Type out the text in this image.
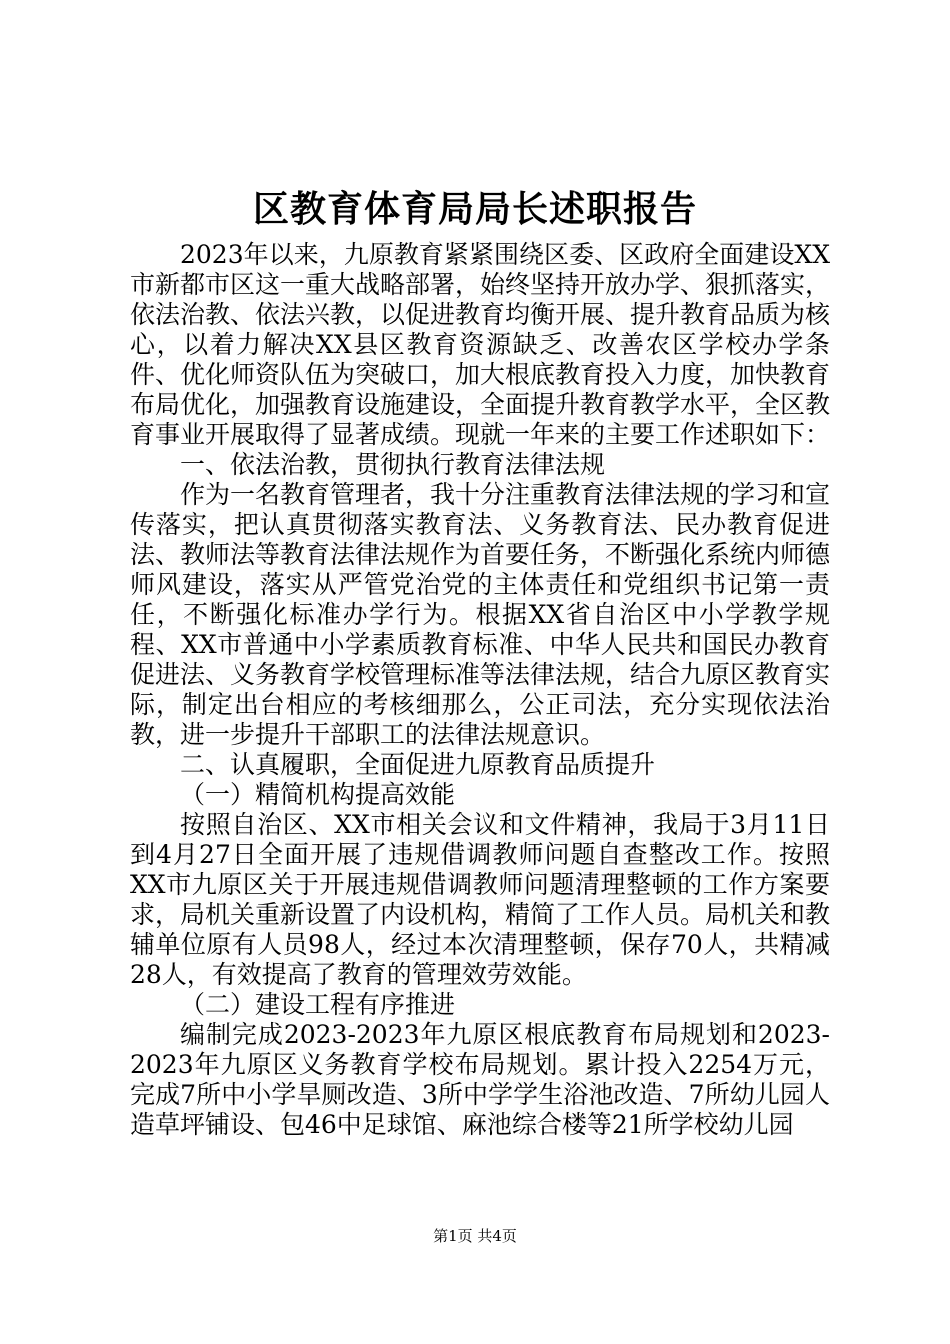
区教育体育局局长述职报告

2023年以来，九原教育紧紧围绕区委、区政府全面建设XX市新都市区这一重大战略部署，始终坚持开放办学、狠抓落实，依法治教、依法兴教，以促进教育均衡开展、提升教育品质为核心，以着力解决XX县区教育资源缺乏、改善农区学校办学条件、优化师资队伍为突破口，加大根底教育投入力度，加快教育布局优化，加强教育设施建设，全面提升教育教学水平，全区教育事业开展取得了显著成绩。现就一年来的主要工作述职如下：

一、依法治教，贯彻执行教育法律法规

作为一名教育管理者，我十分注重教育法律法规的学习和宣传落实，把认真贯彻落实教育法、义务教育法、民办教育促进法、教师法等教育法律法规作为首要任务，不断强化系统内师德师风建设，落实从严管党治党的主体责任和党组织书记第一责任，不断强化标准办学行为。根据XX省自治区中小学教学规程、XX市普通中小学素质教育标准、中华人民共和国民办教育促进法、义务教育学校管理标准等法律法规，结合九原区教育实际，制定出台相应的考核细那么，公正司法，充分实现依法治教，进一步提升干部职工的法律法规意识。

二、认真履职，全面促进九原教育品质提升

（一）精简机构提高效能

按照自治区、XX市相关会议和文件精神，我局于3月11日到4月27日全面开展了违规借调教师问题自查整改工作。按照XX市九原区关于开展违规借调教师问题清理整顿的工作方案要求，局机关重新设置了内设机构，精简了工作人员。局机关和教辅单位原有人员98人，经过本次清理整顿，保存70人，共精减28人，有效提高了教育的管理效劳效能。

（二）建设工程有序推进

编制完成2023-2023年九原区根底教育布局规划和2023-2023年九原区义务教育学校布局规划。累计投入2254万元，完成7所中小学旱厕改造、3所中学学生浴池改造、7所幼儿园人造草坪铺设、包46中足球馆、麻池综合楼等21所学校幼儿园

第1页 共4页
